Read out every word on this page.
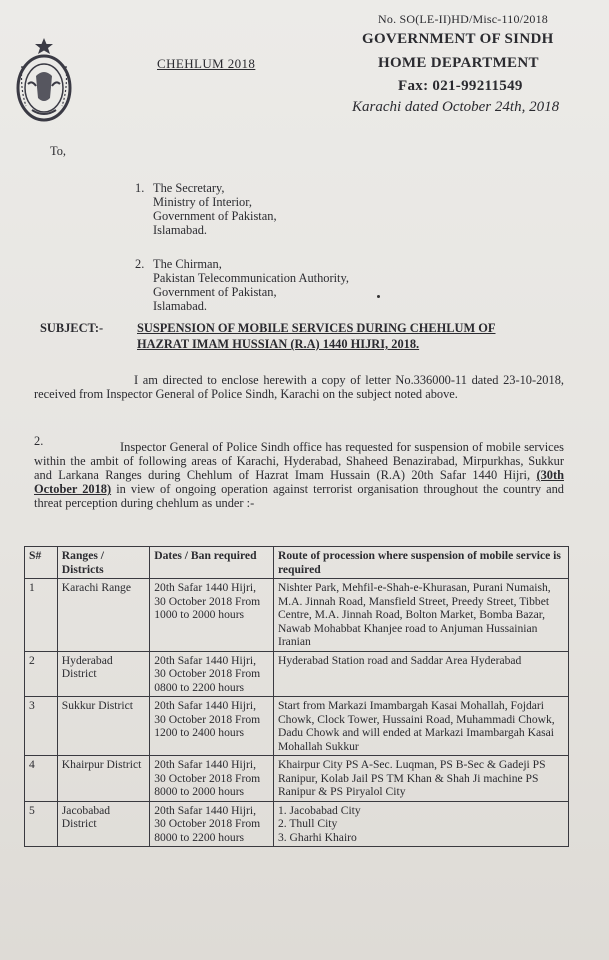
No. SO(LE-II)HD/Misc-110/2018
GOVERNMENT OF SINDH
HOME DEPARTMENT
Fax: 021-99211549
Karachi dated October 24th, 2018
CHEHLUM 2018
To,
1. The Secretary,
Ministry of Interior,
Government of Pakistan,
Islamabad.
2. The Chirman,
Pakistan Telecommunication Authority,
Government of Pakistan,
Islamabad.
SUBJECT:-	SUSPENSION OF MOBILE SERVICES DURING CHEHLUM OF
HAZRAT IMAM HUSSIAN (R.A) 1440 HIJRI, 2018.
I am directed to enclose herewith a copy of letter No.336000-11 dated 23-10-2018, received from Inspector General of Police Sindh, Karachi on the subject noted above.
2.	Inspector General of Police Sindh office has requested for suspension of mobile services within the ambit of following areas of Karachi, Hyderabad, Shaheed Benazirabad, Mirpurkhas, Sukkur and Larkana Ranges during Chehlum of Hazrat Imam Hussain (R.A) 20th Safar 1440 Hijri, (30th October 2018) in view of ongoing operation against terrorist organisation throughout the country and threat perception during chehlum as under :-
S#	Ranges / Districts	Dates / Ban required	Route of procession where suspension of mobile service is required
1	Karachi Range	20th Safar 1440 Hijri, 30 October 2018 From 1000 to 2000 hours	Nishter Park, Mehfil-e-Shah-e-Khurasan, Purani Numaish, M.A. Jinnah Road, Mansfield Street, Preedy Street, Tibbet Centre, M.A. Jinnah Road, Bolton Market, Bomba Bazar, Nawab Mohabbat Khanjee road to Anjuman Hussainian Iranian
2	Hyderabad District	20th Safar 1440 Hijri, 30 October 2018 From 0800 to 2200 hours	Hyderabad Station road and Saddar Area Hyderabad
3	Sukkur District	20th Safar 1440 Hijri, 30 October 2018 From 1200 to 2400 hours	Start from Markazi Imambargah Kasai Mohallah, Fojdari Chowk, Clock Tower, Hussaini Road, Muhammadi Chowk, Dadu Chowk and will ended at Markazi Imambargah Kasai Mohallah Sukkur
4	Khairpur District	20th Safar 1440 Hijri, 30 October 2018 From 8000 to 2000 hours	Khairpur City PS A-Sec. Luqman, PS B-Sec & Gadeji PS Ranipur, Kolab Jail PS TM Khan & Shah Ji machine PS Ranipur & PS Piryalol City
5	Jacobabad District	20th Safar 1440 Hijri, 30 October 2018 From 8000 to 2200 hours	1. Jacobabad City
2. Thull City
3. Gharhi Khairo
